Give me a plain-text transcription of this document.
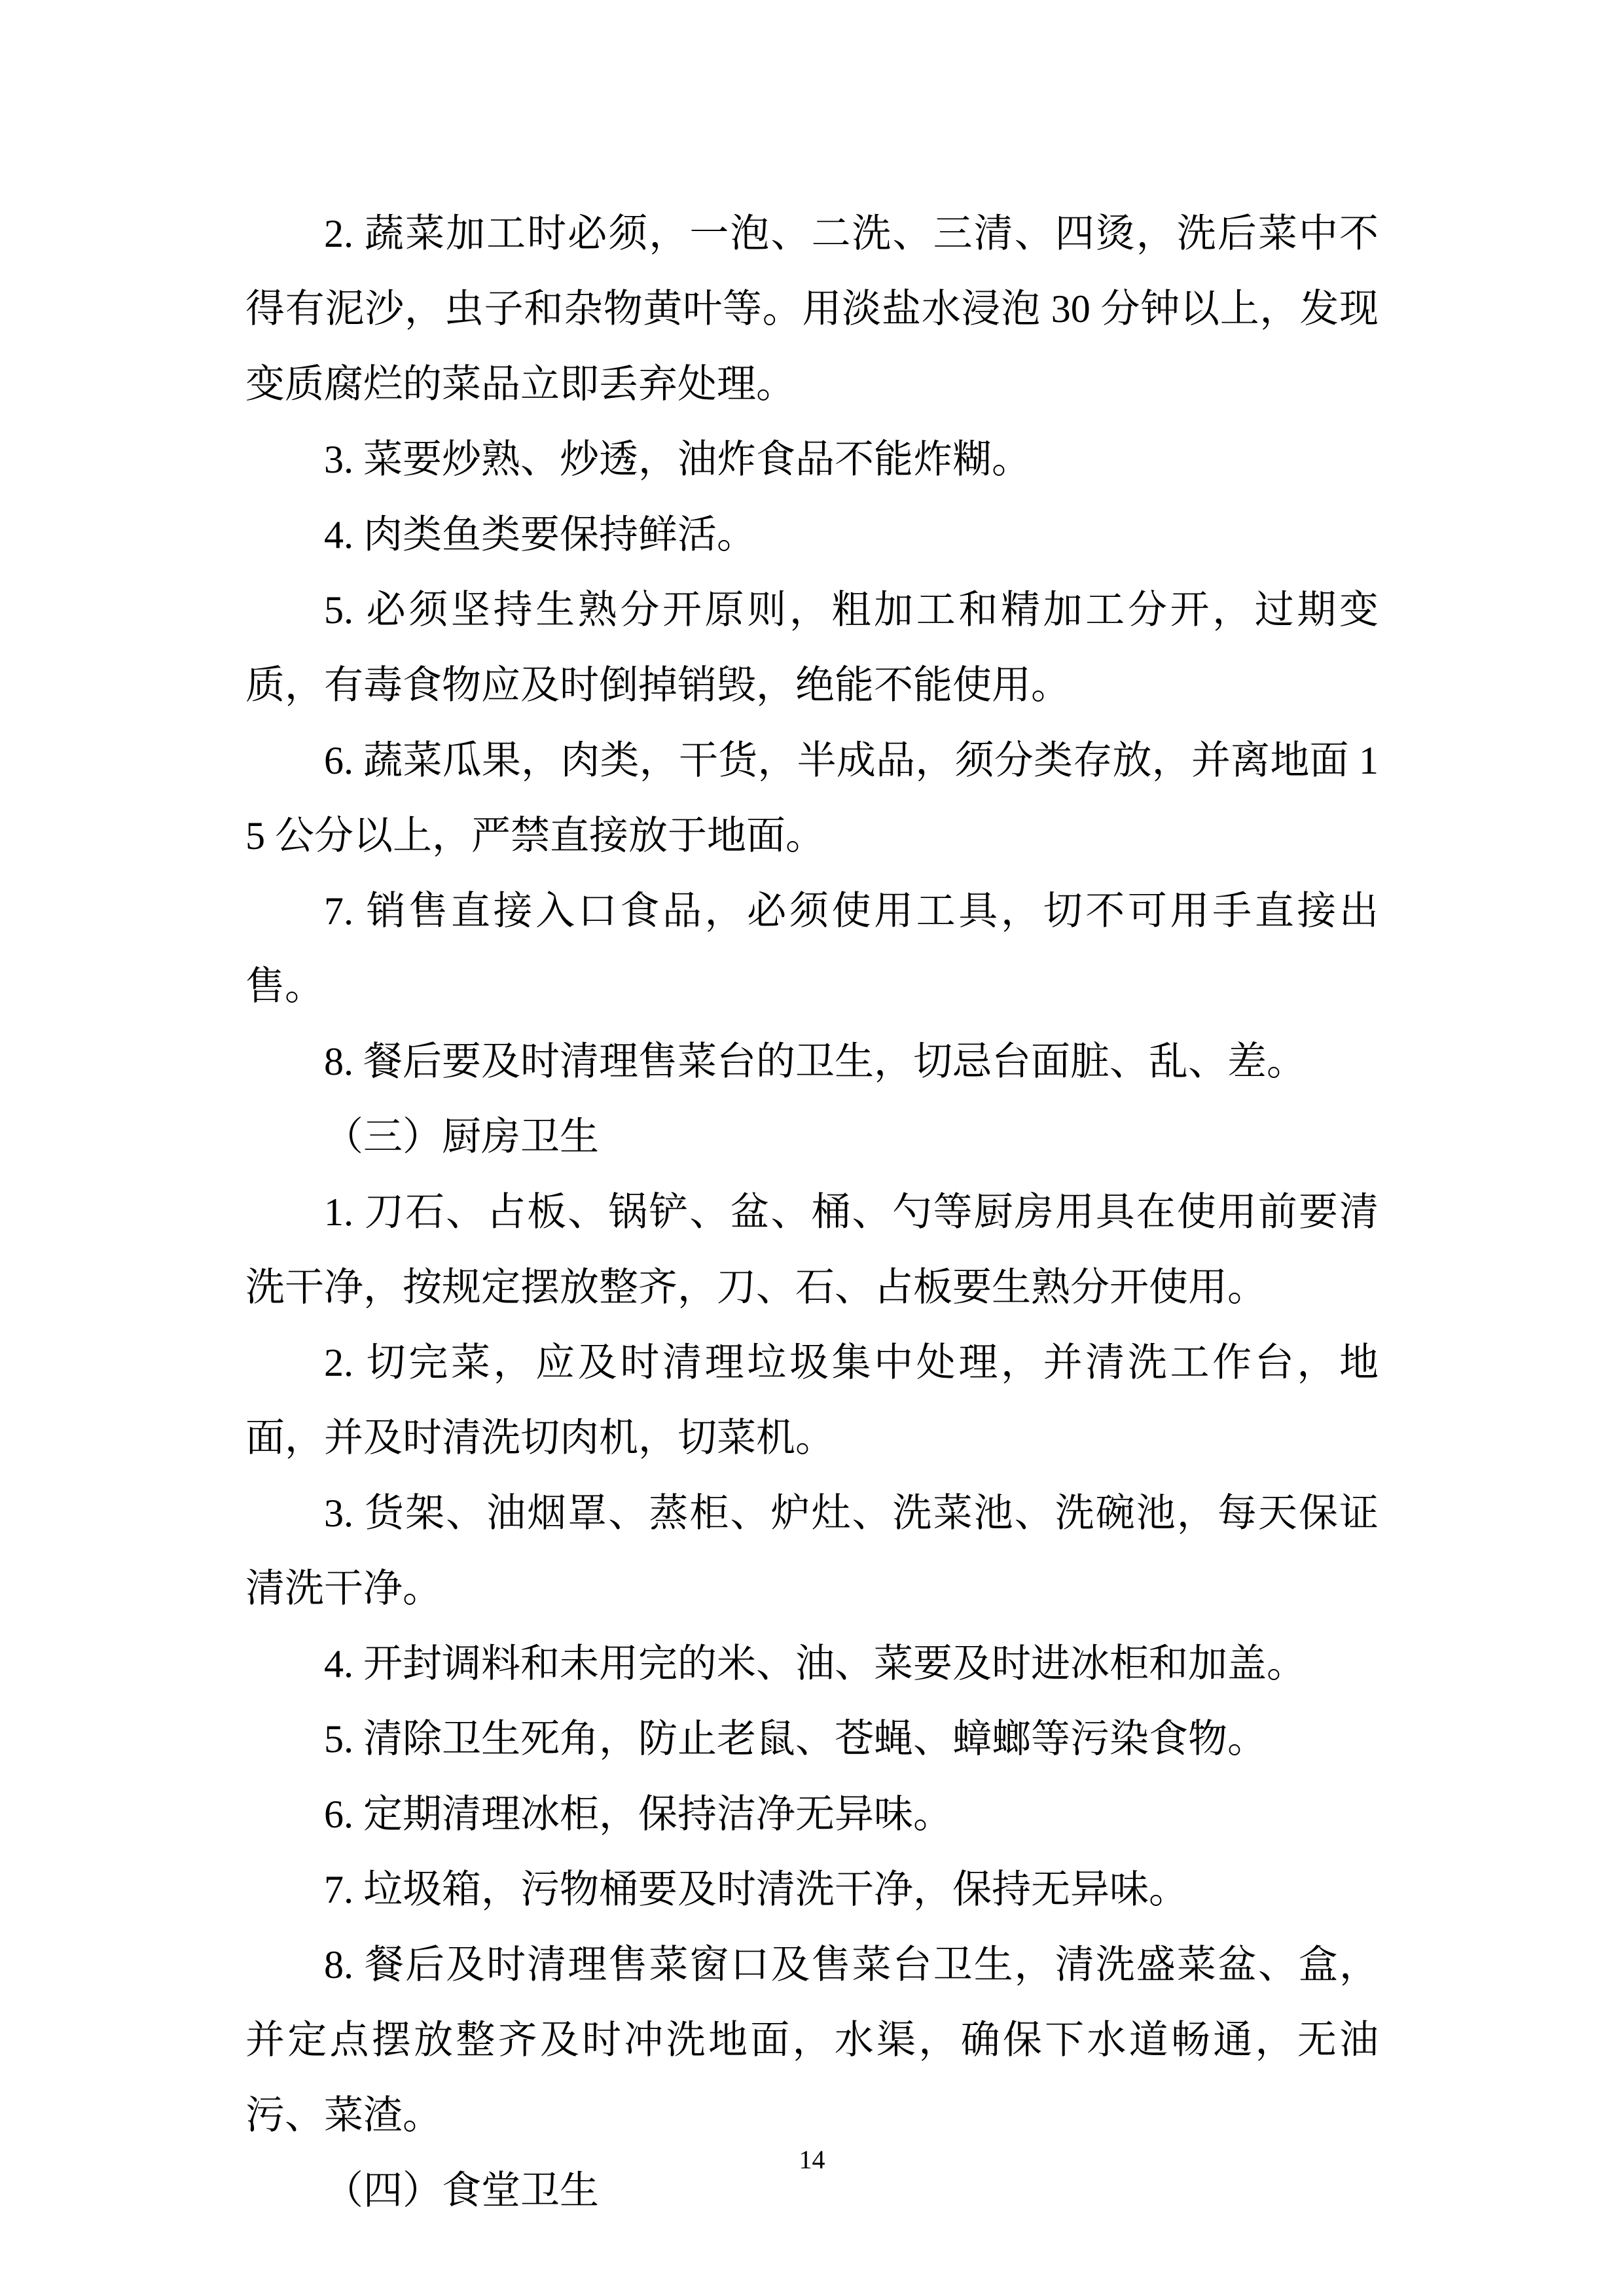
2. 蔬菜加工时必须，一泡、二洗、三清、四烫，洗后菜中不得有泥沙，虫子和杂物黄叶等。用淡盐水浸泡 30 分钟以上，发现变质腐烂的菜品立即丢弃处理。

3. 菜要炒熟、炒透，油炸食品不能炸糊。

4. 肉类鱼类要保持鲜活。

5. 必须坚持生熟分开原则，粗加工和精加工分开，过期变质，有毒食物应及时倒掉销毁，绝能不能使用。

6. 蔬菜瓜果，肉类，干货，半成品，须分类存放，并离地面 15 公分以上，严禁直接放于地面。

7. 销售直接入口食品，必须使用工具，切不可用手直接出售。

8. 餐后要及时清理售菜台的卫生，切忌台面脏、乱、差。

（三）厨房卫生

1. 刀石、占板、锅铲、盆、桶、勺等厨房用具在使用前要清洗干净，按规定摆放整齐，刀、石、占板要生熟分开使用。

2. 切完菜，应及时清理垃圾集中处理，并清洗工作台，地面，并及时清洗切肉机，切菜机。

3. 货架、油烟罩、蒸柜、炉灶、洗菜池、洗碗池，每天保证清洗干净。

4. 开封调料和未用完的米、油、菜要及时进冰柜和加盖。

5. 清除卫生死角，防止老鼠、苍蝇、蟑螂等污染食物。

6. 定期清理冰柜，保持洁净无异味。

7. 垃圾箱，污物桶要及时清洗干净，保持无异味。

8. 餐后及时清理售菜窗口及售菜台卫生，清洗盛菜盆、盒，并定点摆放整齐及时冲洗地面，水渠，确保下水道畅通，无油污、菜渣。

（四）食堂卫生

14
